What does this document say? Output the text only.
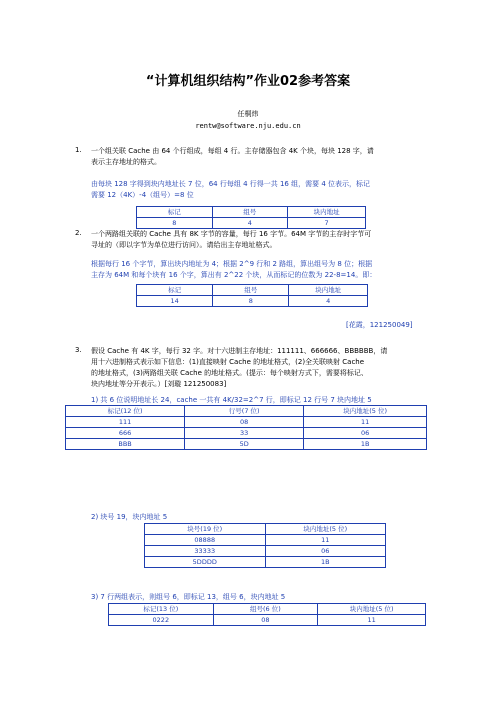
“计算机组织结构”作业02参考答案
任桐炜
rentw@software.nju.edu.cn
1. 一个组关联 Cache 由 64 个行组成，每组 4 行。主存储器包含 4K 个块，每块 128 字，请
表示主存地址的格式。
由每块 128 字得到块内地址长 7 位，64 行每组 4 行得一共 16 组，需要 4 位表示，标记
需要 12（4K）-4（组号）=8 位
标记	组号	块内地址
8	4	7
2. 一个两路组关联的 Cache 具有 8K 字节的容量，每行 16 字节。64M 字节的主存时字节可
寻址的（即以字节为单位进行访问）。请给出主存地址格式。
根据每行 16 个字节，算出块内地址为 4；根据 2^9 行和 2 路组，算出组号为 8 位；根据
主存为 64M 和每个块有 16 个字，算出有 2^22 个块，从而标记的位数为 22-8=14。即：
标记	组号	块内地址
14	8	4
[花霞，121250049]
3. 假设 Cache 有 4K 字，每行 32 字。对十六进制主存地址：111111、666666、BBBBBB，请
用十六进制格式表示如下信息：(1)直接映射 Cache 的地址格式，(2)全关联映射 Cache
的地址格式，(3)两路组关联 Cache 的地址格式。(提示：每个映射方式下，需要将标记、
块内地址等分开表示。）[刘璇 121250083]
1) 共 6 位说明地址长 24，cache 一共有 4K/32=2^7 行，即标记 12 行号 7 块内地址 5
标记(12 位)	行号(7 位)	块内地址(5 位)
111	08	11
666	33	06
BBB	5D	1B
2) 块号 19，块内地址 5
块号(19 位)	块内地址(5 位)
08888	11
33333	06
5DDDD	1B
3) 7 行两组表示，则组号 6，即标记 13，组号 6，块内地址 5
标记(13 位)	组号(6 位)	块内地址(5 位)
0222	08	11
